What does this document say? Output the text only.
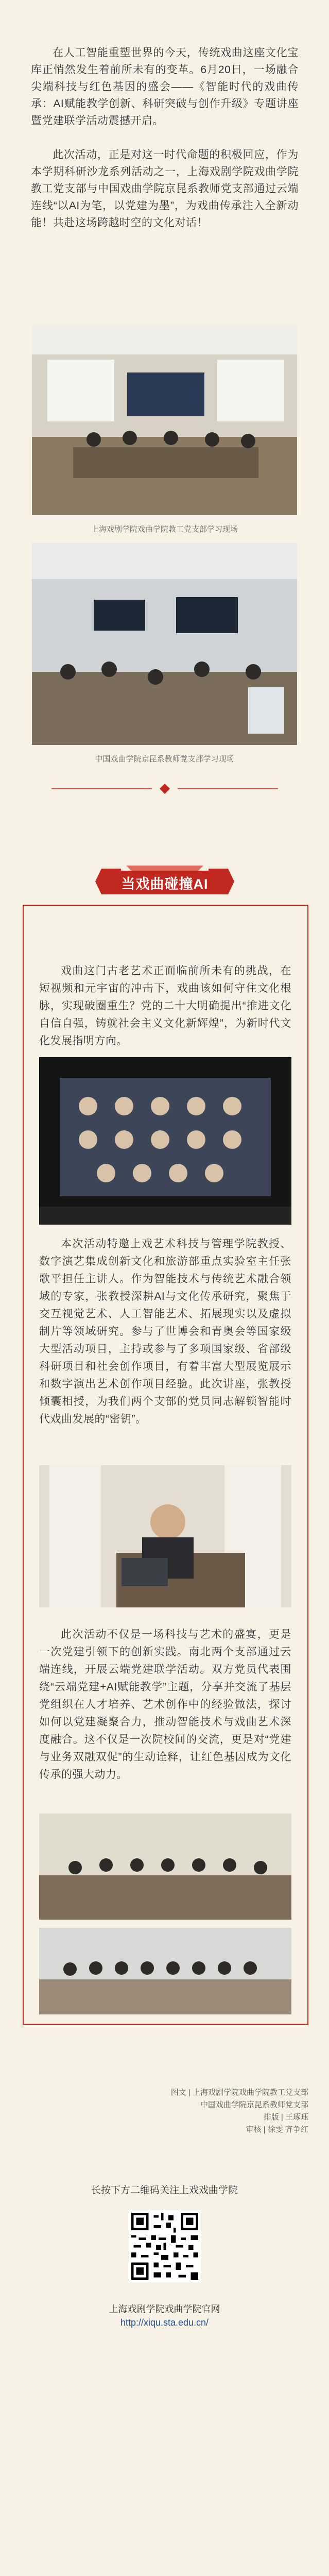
在人工智能重塑世界的今天，传统戏曲这座文化宝库正悄然发生着前所未有的变革。6月20日，一场融合尖端科技与红色基因的盛会——《智能时代的戏曲传承：AI赋能教学创新、科研突破与创作升级》专题讲座暨党建联学活动震撼开启。

此次活动，正是对这一时代命题的积极回应，作为本学期科研沙龙系列活动之一，上海戏剧学院戏曲学院教工党支部与中国戏曲学院京昆系教师党支部通过云端连线“以AI为笔，以党建为墨”，为戏曲传承注入全新动能！共赴这场跨越时空的文化对话！

上海戏剧学院戏曲学院教工党支部学习现场
中国戏曲学院京昆系教师党支部学习现场
当戏曲碰撞AI

戏曲这门古老艺术正面临前所未有的挑战，在短视频和元宇宙的冲击下，戏曲该如何守住文化根脉，实现破圈重生？党的二十大明确提出“推进文化自信自强，铸就社会主义文化新辉煌”，为新时代文化发展指明方向。

本次活动特邀上戏艺术科技与管理学院教授、数字演艺集成创新文化和旅游部重点实验室主任张歌平担任主讲人。作为智能技术与传统艺术融合领域的专家，张教授深耕AI与文化传承研究，聚焦于交互视觉艺术、人工智能艺术、拓展现实以及虚拟制片等领域研究。参与了世博会和青奥会等国家级大型活动项目，主持或参与了多项国家级、省部级科研项目和社会创作项目，有着丰富大型展览展示和数字演出艺术创作项目经验。此次讲座，张教授倾囊相授，为我们两个支部的党员同志解锁智能时代戏曲发展的“密钥”。

此次活动不仅是一场科技与艺术的盛宴，更是一次党建引领下的创新实践。南北两个支部通过云端连线，开展云端党建联学活动。双方党员代表围绕“云端党建+AI赋能教学”主题，分享并交流了基层党组织在人才培养、艺术创作中的经验做法，探讨如何以党建凝聚合力，推动智能技术与戏曲艺术深度融合。这不仅是一次院校间的交流，更是对“党建与业务双融双促”的生动诠释，让红色基因成为文化传承的强大动力。

图文 | 上海戏剧学院戏曲学院教工党支部
中国戏曲学院京昆系教师党支部
排版 | 王琢珏
审核 | 徐雯 齐争红
长按下方二维码关注上戏戏曲学院
上海戏剧学院戏曲学院官网
http://xiqu.sta.edu.cn/
